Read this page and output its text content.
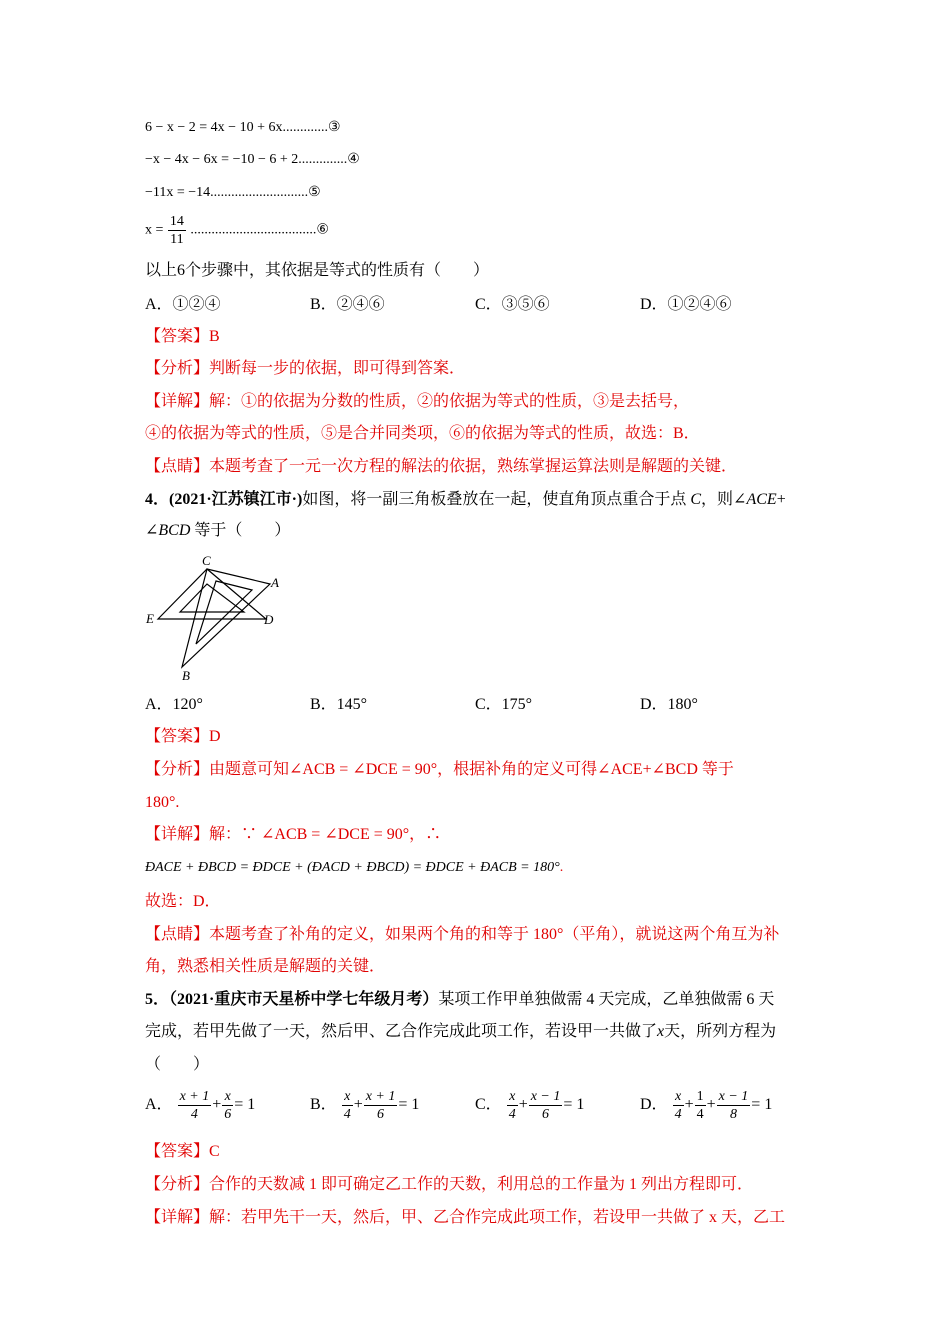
6 − x − 2 = 4x − 10 + 6x.............③
−x − 4x − 6x = −10 − 6 + 2..............④
−11x = −14............................⑤
$x = \frac{14}{11}$ ....................................⑥
以上6个步骤中，其依据是等式的性质有（　　）
A．①②④	B．②④⑥	C．③⑤⑥	D．①②④⑥
【答案】B
【分析】判断每一步的依据，即可得到答案．
【详解】解：①的依据为分数的性质，②的依据为等式的性质，③是去括号，
④的依据为等式的性质，⑤是合并同类项，⑥的依据为等式的性质，故选：B．
【点睛】本题考查了一元一次方程的解法的依据，熟练掌握运算法则是解题的关键．
4．(2021·江苏镇江市·)如图，将一副三角板叠放在一起，使直角顶点重合于点 C，则∠ACE+
∠BCD 等于（　　）
C
A
E	D
B
A．120°	B．145°	C．175°	D．180°
【答案】D
【分析】由题意可知∠ACB = ∠DCE = 90°，根据补角的定义可得∠ACE+∠BCD 等于
180°.
【详解】解：∵ ∠ACB = ∠DCE = 90°，∴
ĐACE + ĐBCD = ĐDCE + (ĐACD + ĐBCD) = ĐDCE + ĐACB = 180°.
故选：D．
【点睛】本题考查了补角的定义，如果两个角的和等于 180°（平角），就说这两个角互为补
角，熟悉相关性质是解题的关键．
5．（2021·重庆市天星桥中学七年级月考）某项工作甲单独做需 4 天完成，乙单独做需 6 天
完成，若甲先做了一天，然后甲、乙合作完成此项工作，若设甲一共做了x天，所列方程为
（　　）
A． $\frac{x + 1}{4} + \frac{x}{6} = 1$	B． $\frac{x}{4} + \frac{x + 1}{6} = 1$	C． $\frac{x}{4} + \frac{x - 1}{6} = 1$	D． $\frac{x}{4} + \frac{1}{4} + \frac{x - 1}{8} = 1$
【答案】C
【分析】合作的天数减 1 即可确定乙工作的天数，利用总的工作量为 1 列出方程即可．
【详解】解：若甲先干一天，然后，甲、乙合作完成此项工作，若设甲一共做了 x 天，乙工
